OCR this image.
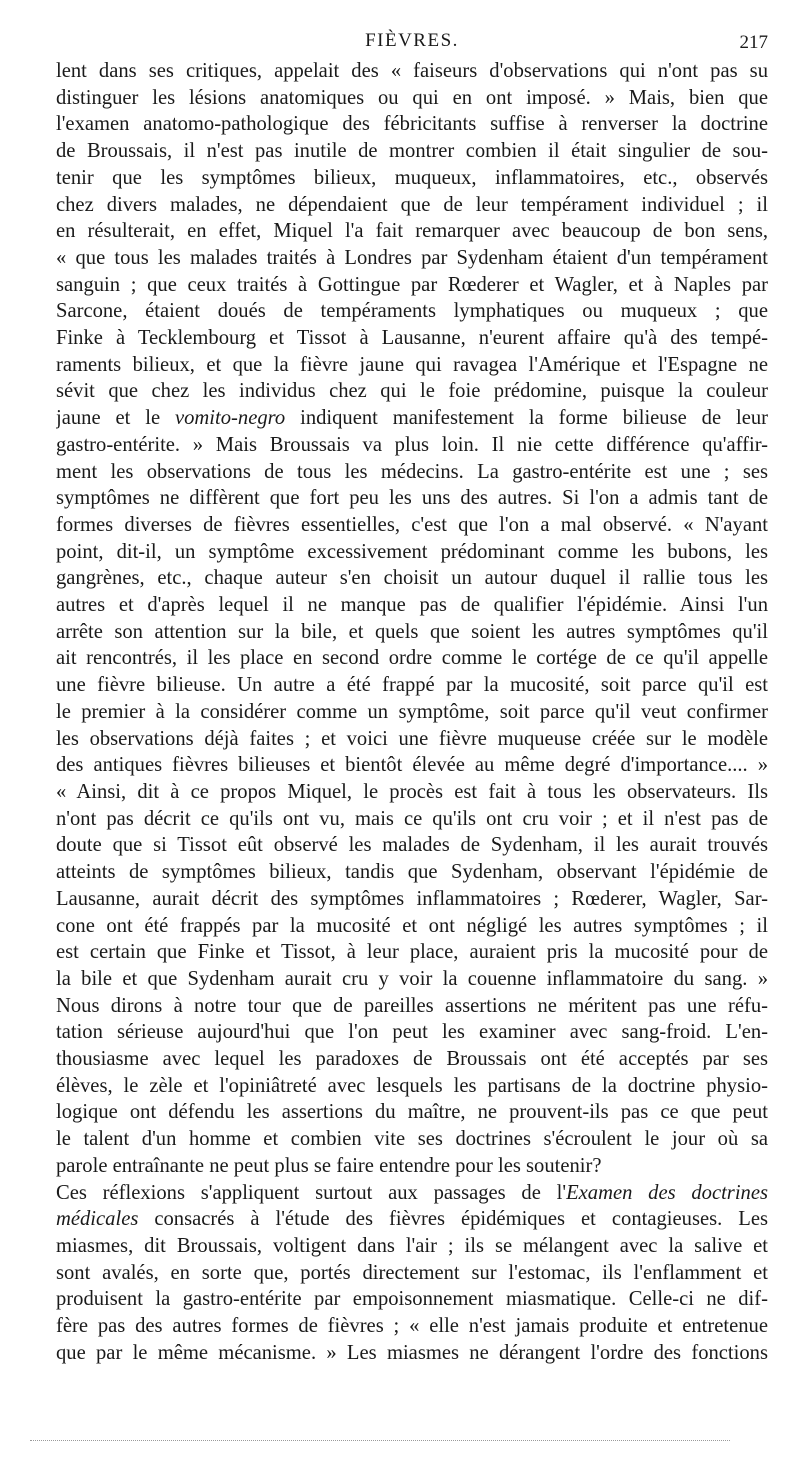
FIÈVRES.	217
lent dans ses critiques, appelait des « faiseurs d'observations qui n'ont pas su
distinguer les lésions anatomiques ou qui en ont imposé. » Mais, bien que
l'examen anatomo-pathologique des fébricitants suffise à renverser la doctrine
de Broussais, il n'est pas inutile de montrer combien il était singulier de sou-
tenir que les symptômes bilieux, muqueux, inflammatoires, etc., observés
chez divers malades, ne dépendaient que de leur tempérament individuel ; il
en résulterait, en effet, Miquel l'a fait remarquer avec beaucoup de bon sens,
« que tous les malades traités à Londres par Sydenham étaient d'un tempérament
sanguin ; que ceux traités à Gottingue par Rœderer et Wagler, et à Naples par
Sarcone, étaient doués de tempéraments lymphatiques ou muqueux ; que
Finke à Tecklembourg et Tissot à Lausanne, n'eurent affaire qu'à des tempé-
raments bilieux, et que la fièvre jaune qui ravagea l'Amérique et l'Espagne ne
sévit que chez les individus chez qui le foie prédomine, puisque la couleur
jaune et le vomito-negro indiquent manifestement la forme bilieuse de leur
gastro-entérite. » Mais Broussais va plus loin. Il nie cette différence qu'affir-
ment les observations de tous les médecins. La gastro-entérite est une ; ses
symptômes ne diffèrent que fort peu les uns des autres. Si l'on a admis tant de
formes diverses de fièvres essentielles, c'est que l'on a mal observé. « N'ayant
point, dit-il, un symptôme excessivement prédominant comme les bubons, les
gangrènes, etc., chaque auteur s'en choisit un autour duquel il rallie tous les
autres et d'après lequel il ne manque pas de qualifier l'épidémie. Ainsi l'un
arrête son attention sur la bile, et quels que soient les autres symptômes qu'il
ait rencontrés, il les place en second ordre comme le cortége de ce qu'il appelle
une fièvre bilieuse. Un autre a été frappé par la mucosité, soit parce qu'il est
le premier à la considérer comme un symptôme, soit parce qu'il veut confirmer
les observations déjà faites ; et voici une fièvre muqueuse créée sur le modèle
des antiques fièvres bilieuses et bientôt élevée au même degré d'importance.... »
« Ainsi, dit à ce propos Miquel, le procès est fait à tous les observateurs. Ils
n'ont pas décrit ce qu'ils ont vu, mais ce qu'ils ont cru voir ; et il n'est pas de
doute que si Tissot eût observé les malades de Sydenham, il les aurait trouvés
atteints de symptômes bilieux, tandis que Sydenham, observant l'épidémie de
Lausanne, aurait décrit des symptômes inflammatoires ; Rœderer, Wagler, Sar-
cone ont été frappés par la mucosité et ont négligé les autres symptômes ; il
est certain que Finke et Tissot, à leur place, auraient pris la mucosité pour de
la bile et que Sydenham aurait cru y voir la couenne inflammatoire du sang. »
Nous dirons à notre tour que de pareilles assertions ne méritent pas une réfu-
tation sérieuse aujourd'hui que l'on peut les examiner avec sang-froid. L'en-
thousiasme avec lequel les paradoxes de Broussais ont été acceptés par ses
élèves, le zèle et l'opiniâtreté avec lesquels les partisans de la doctrine physio-
logique ont défendu les assertions du maître, ne prouvent-ils pas ce que peut
le talent d'un homme et combien vite ses doctrines s'écroulent le jour où sa
parole entraînante ne peut plus se faire entendre pour les soutenir?
Ces réflexions s'appliquent surtout aux passages de l'Examen des doctrines
médicales consacrés à l'étude des fièvres épidémiques et contagieuses. Les
miasmes, dit Broussais, voltigent dans l'air ; ils se mélangent avec la salive et
sont avalés, en sorte que, portés directement sur l'estomac, ils l'enflamment et
produisent la gastro-entérite par empoisonnement miasmatique. Celle-ci ne dif-
fère pas des autres formes de fièvres ; « elle n'est jamais produite et entretenue
que par le même mécanisme. » Les miasmes ne dérangent l'ordre des fonctions
